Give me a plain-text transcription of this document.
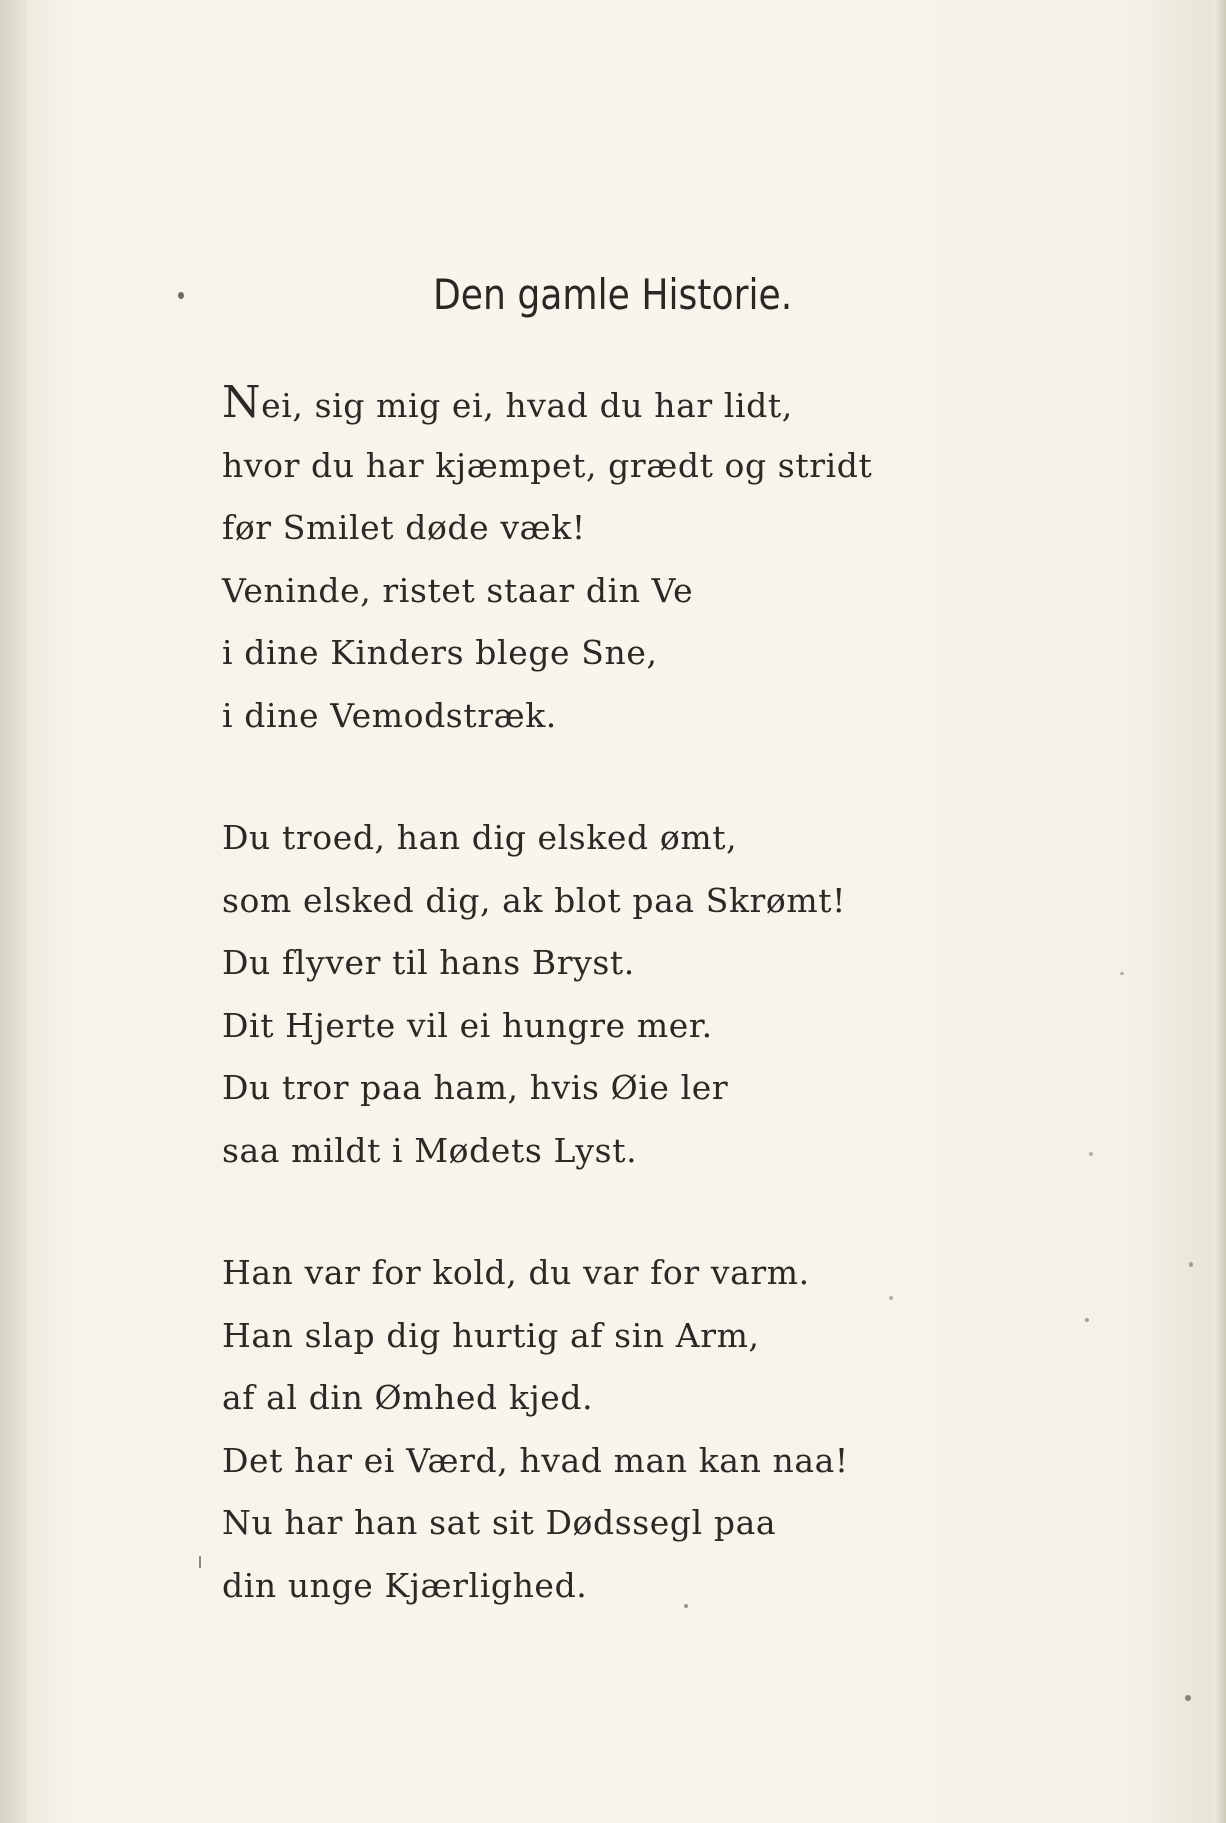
Den gamle Historie.
Nei, sig mig ei, hvad du har lidt,
hvor du har kjæmpet, grædt og stridt
før Smilet døde væk!
Veninde, ristet staar din Ve
i dine Kinders blege Sne,
i dine Vemodstræk.
Du troed, han dig elsked ømt,
som elsked dig, ak blot paa Skrømt!
Du flyver til hans Bryst.
Dit Hjerte vil ei hungre mer.
Du tror paa ham, hvis Øie ler
saa mildt i Mødets Lyst.
Han var for kold, du var for varm.
Han slap dig hurtig af sin Arm,
af al din Ømhed kjed.
Det har ei Værd, hvad man kan naa!
Nu har han sat sit Dødssegl paa
din unge Kjærlighed.
